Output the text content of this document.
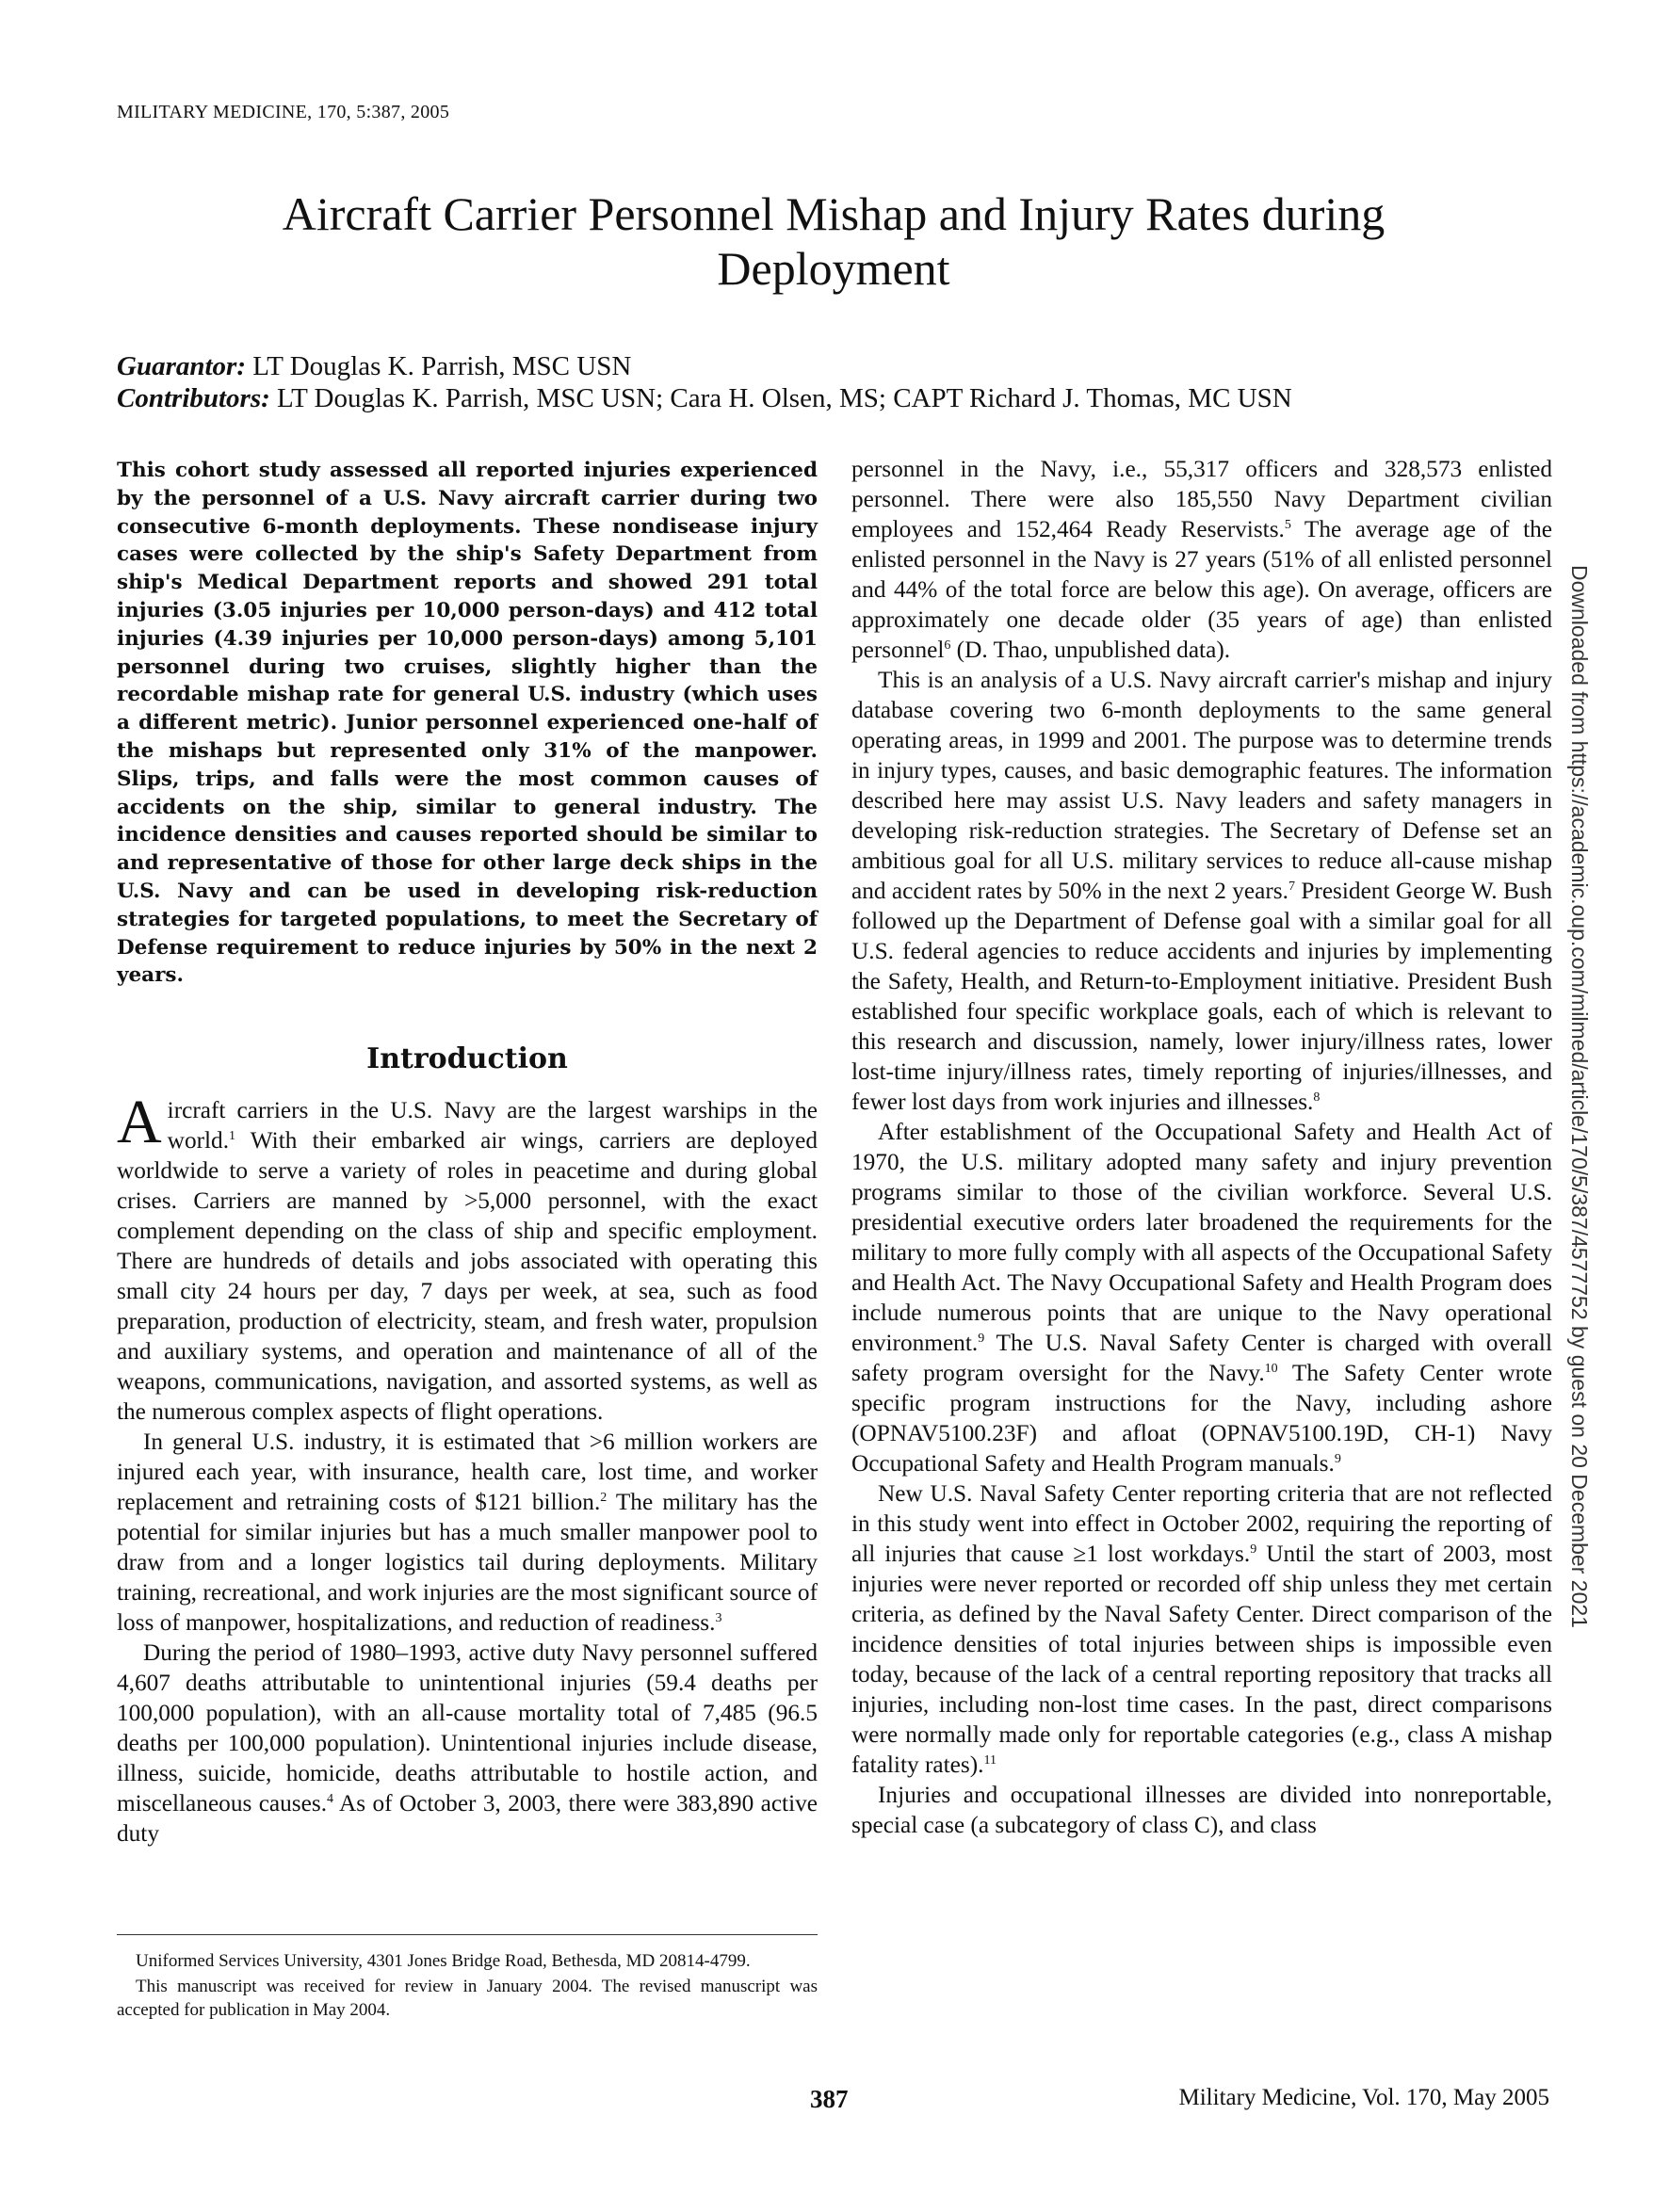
MILITARY MEDICINE, 170, 5:387, 2005
Aircraft Carrier Personnel Mishap and Injury Rates during
Deployment
Guarantor: LT Douglas K. Parrish, MSC USN
Contributors: LT Douglas K. Parrish, MSC USN; Cara H. Olsen, MS; CAPT Richard J. Thomas, MC USN

This cohort study assessed all reported injuries experienced by the personnel of a U.S. Navy aircraft carrier during two consecutive 6-month deployments. These nondisease injury cases were collected by the ship's Safety Department from ship's Medical Department reports and showed 291 total injuries (3.05 injuries per 10,000 person-days) and 412 total injuries (4.39 injuries per 10,000 person-days) among 5,101 personnel during two cruises, slightly higher than the recordable mishap rate for general U.S. industry (which uses a different metric). Junior personnel experienced one-half of the mishaps but represented only 31% of the manpower. Slips, trips, and falls were the most common causes of accidents on the ship, similar to general industry. The incidence densities and causes reported should be similar to and representative of those for other large deck ships in the U.S. Navy and can be used in developing risk-reduction strategies for targeted populations, to meet the Secretary of Defense requirement to reduce injuries by 50% in the next 2 years.

Introduction

Aircraft carriers in the U.S. Navy are the largest warships in the world.$^1$ With their embarked air wings, carriers are deployed worldwide to serve a variety of roles in peacetime and during global crises. Carriers are manned by >5,000 personnel, with the exact complement depending on the class of ship and specific employment. There are hundreds of details and jobs associated with operating this small city 24 hours per day, 7 days per week, at sea, such as food preparation, production of electricity, steam, and fresh water, propulsion and auxiliary systems, and operation and maintenance of all of the weapons, communications, navigation, and assorted systems, as well as the numerous complex aspects of flight operations.

In general U.S. industry, it is estimated that >6 million workers are injured each year, with insurance, health care, lost time, and worker replacement and retraining costs of $121 billion.$^2$ The military has the potential for similar injuries but has a much smaller manpower pool to draw from and a longer logistics tail during deployments. Military training, recreational, and work injuries are the most significant source of loss of manpower, hospitalizations, and reduction of readiness.$^3$

During the period of 1980–1993, active duty Navy personnel suffered 4,607 deaths attributable to unintentional injuries (59.4 deaths per 100,000 population), with an all-cause mortality total of 7,485 (96.5 deaths per 100,000 population). Unintentional injuries include disease, illness, suicide, homicide, deaths attributable to hostile action, and miscellaneous causes.$^4$ As of October 3, 2003, there were 383,890 active duty

personnel in the Navy, i.e., 55,317 officers and 328,573 enlisted personnel. There were also 185,550 Navy Department civilian employees and 152,464 Ready Reservists.$^5$ The average age of the enlisted personnel in the Navy is 27 years (51% of all enlisted personnel and 44% of the total force are below this age). On average, officers are approximately one decade older (35 years of age) than enlisted personnel$^6$ (D. Thao, unpublished data).

This is an analysis of a U.S. Navy aircraft carrier's mishap and injury database covering two 6-month deployments to the same general operating areas, in 1999 and 2001. The purpose was to determine trends in injury types, causes, and basic demographic features. The information described here may assist U.S. Navy leaders and safety managers in developing risk-reduction strategies. The Secretary of Defense set an ambitious goal for all U.S. military services to reduce all-cause mishap and accident rates by 50% in the next 2 years.$^7$ President George W. Bush followed up the Department of Defense goal with a similar goal for all U.S. federal agencies to reduce accidents and injuries by implementing the Safety, Health, and Return-to-Employment initiative. President Bush established four specific workplace goals, each of which is relevant to this research and discussion, namely, lower injury/illness rates, lower lost-time injury/illness rates, timely reporting of injuries/illnesses, and fewer lost days from work injuries and illnesses.$^8$

After establishment of the Occupational Safety and Health Act of 1970, the U.S. military adopted many safety and injury prevention programs similar to those of the civilian workforce. Several U.S. presidential executive orders later broadened the requirements for the military to more fully comply with all aspects of the Occupational Safety and Health Act. The Navy Occupational Safety and Health Program does include numerous points that are unique to the Navy operational environment.$^9$ The U.S. Naval Safety Center is charged with overall safety program oversight for the Navy.$^{10}$ The Safety Center wrote specific program instructions for the Navy, including ashore (OPNAV5100.23F) and afloat (OPNAV5100.19D, CH-1) Navy Occupational Safety and Health Program manuals.$^9$

New U.S. Naval Safety Center reporting criteria that are not reflected in this study went into effect in October 2002, requiring the reporting of all injuries that cause ≥1 lost workdays.$^9$ Until the start of 2003, most injuries were never reported or recorded off ship unless they met certain criteria, as defined by the Naval Safety Center. Direct comparison of the incidence densities of total injuries between ships is impossible even today, because of the lack of a central reporting repository that tracks all injuries, including non-lost time cases. In the past, direct comparisons were normally made only for reportable categories (e.g., class A mishap fatality rates).$^{11}$

Injuries and occupational illnesses are divided into nonreportable, special case (a subcategory of class C), and class

Uniformed Services University, 4301 Jones Bridge Road, Bethesda, MD 20814-4799.

This manuscript was received for review in January 2004. The revised manuscript was accepted for publication in May 2004.

387	Military Medicine, Vol. 170, May 2005
Downloaded from https://academic.oup.com/milmed/article/170/5/387/4577752 by guest on 20 December 2021
